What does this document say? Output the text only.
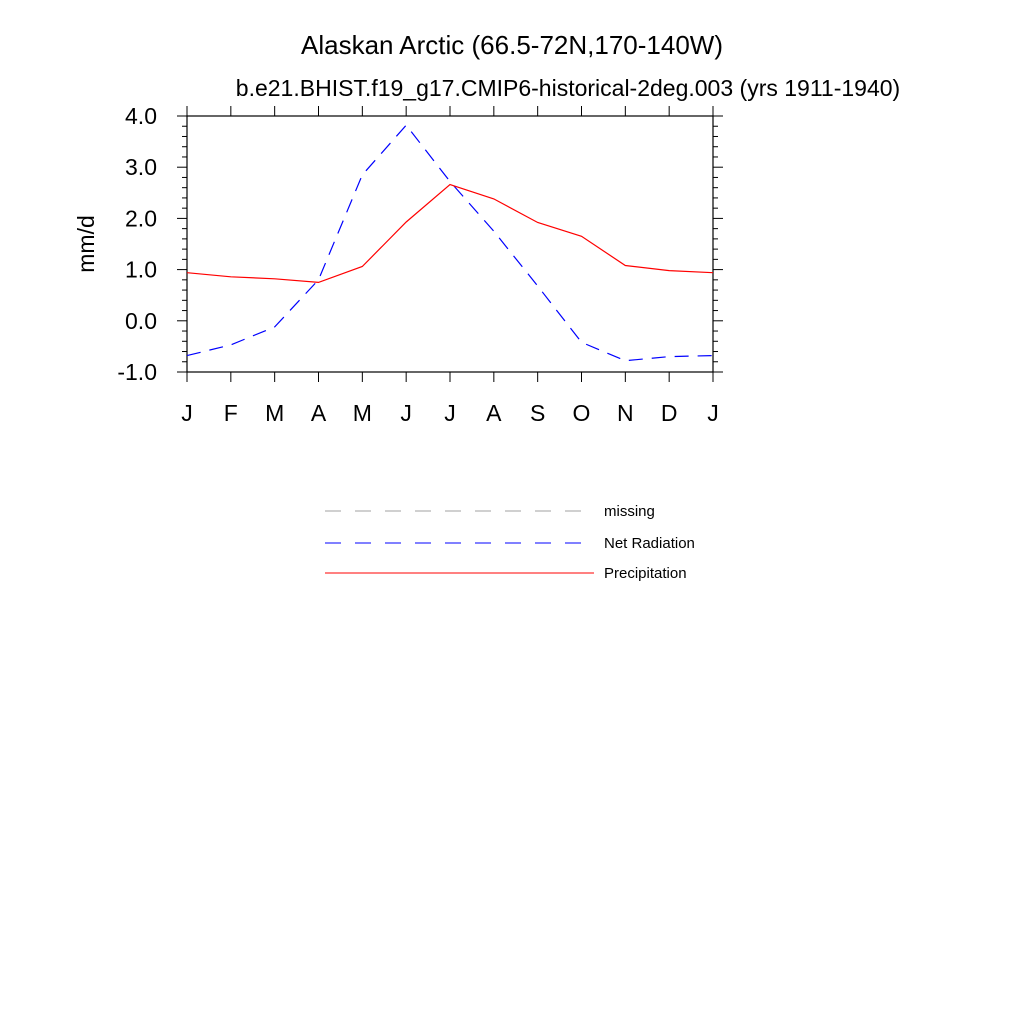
Alaskan Arctic (66.5-72N,170-140W)
b.e21.BHIST.f19_g17.CMIP6-historical-2deg.003 (yrs 1911-1940)
mm/d
-1.0
0.0
1.0
2.0
3.0
4.0
J F M A M J J A S O N D J
missing
Net Radiation
Precipitation
